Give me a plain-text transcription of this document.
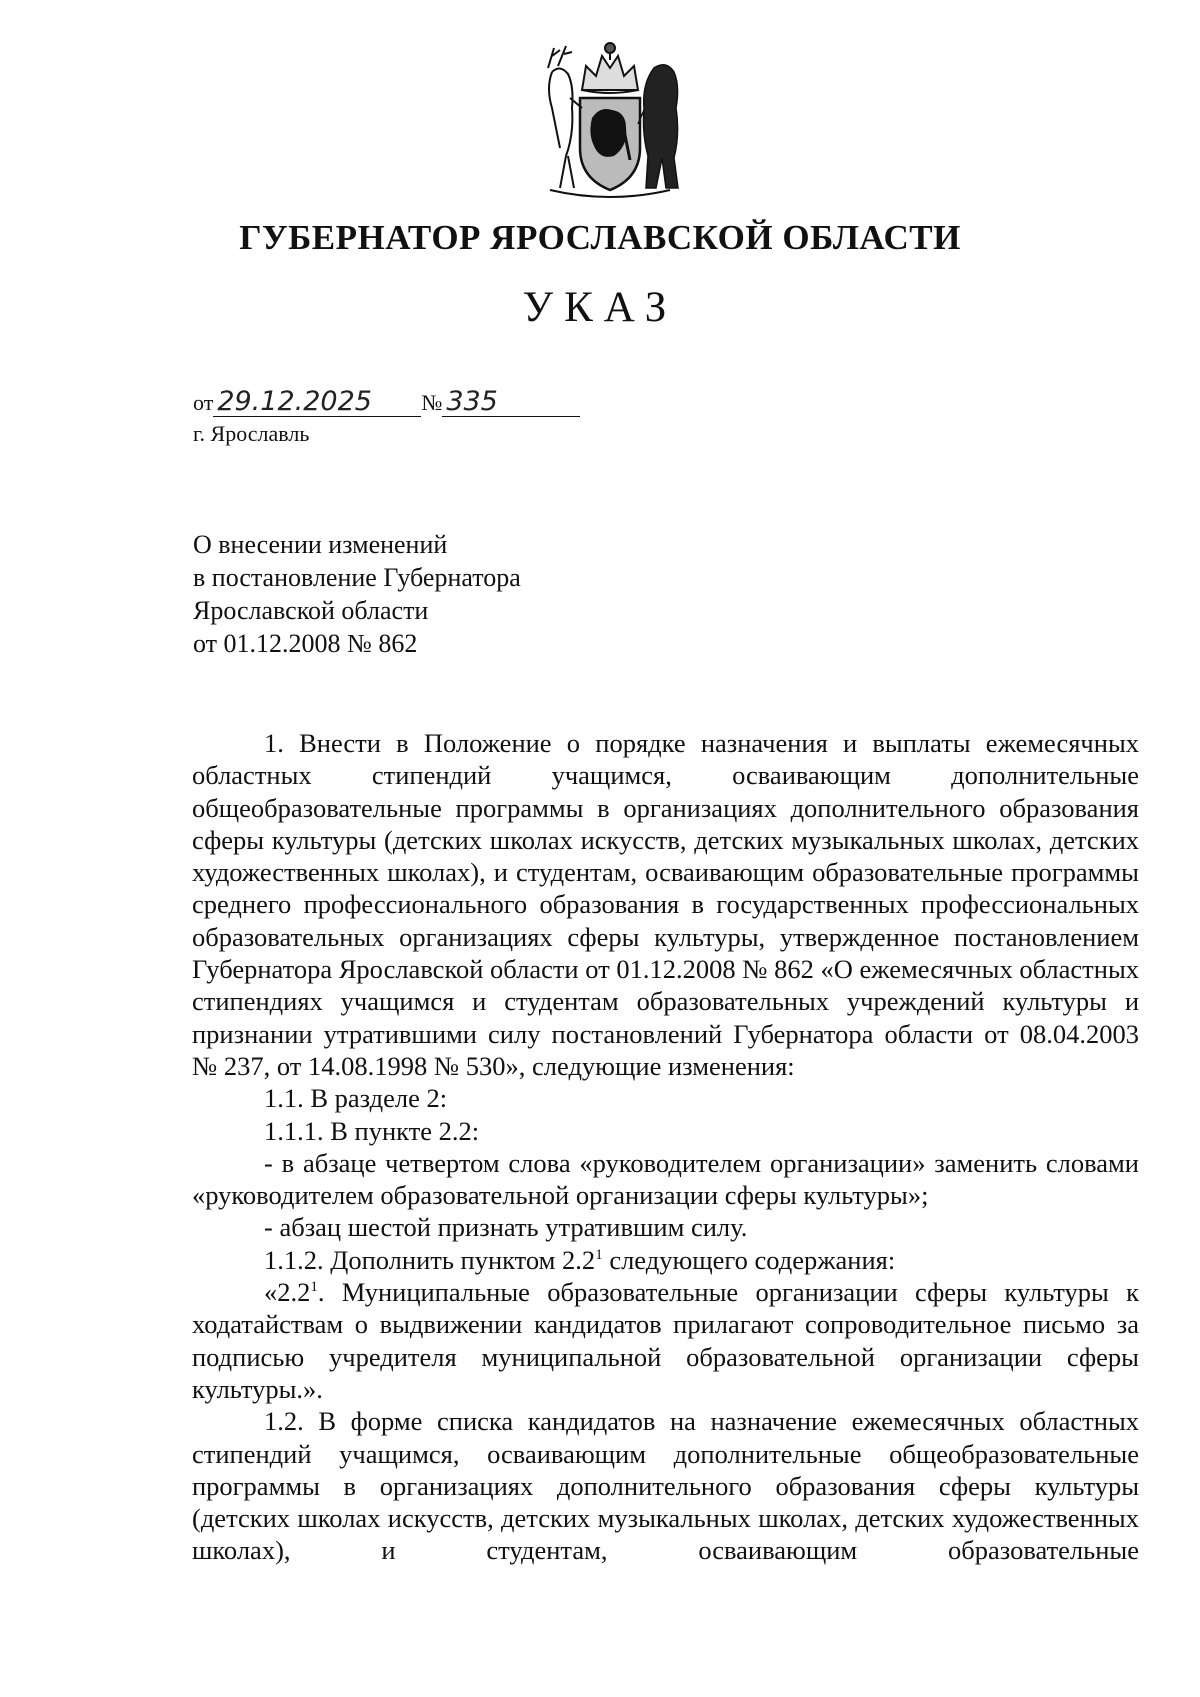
ГУБЕРНАТОР ЯРОСЛАВСКОЙ ОБЛАСТИ
УКАЗ
от 29.12.2025 № 335
г. Ярославль
О внесении изменений
в постановление Губернатора
Ярославской области
от 01.12.2008 № 862

1. Внести в Положение о порядке назначения и выплаты ежемесячных областных стипендий учащимся, осваивающим дополнительные общеобразовательные программы в организациях дополнительного образования сферы культуры (детских школах искусств, детских музыкальных школах, детских художественных школах), и студентам, осваивающим образовательные программы среднего профессионального образования в государственных профессиональных образовательных организациях сферы культуры, утвержденное постановлением Губернатора Ярославской области от 01.12.2008 № 862 «О ежемесячных областных стипендиях учащимся и студентам образовательных учреждений культуры и признании утратившими силу постановлений Губернатора области от 08.04.2003 № 237, от 14.08.1998 № 530», следующие изменения:

1.1. В разделе 2:

1.1.1. В пункте 2.2:

- в абзаце четвертом слова «руководителем организации» заменить словами «руководителем образовательной организации сферы культуры»;

- абзац шестой признать утратившим силу.

1.1.2. Дополнить пунктом $2.2^1$ следующего содержания:

«$2.2^1$. Муниципальные образовательные организации сферы культуры к ходатайствам о выдвижении кандидатов прилагают сопроводительное письмо за подписью учредителя муниципальной образовательной организации сферы культуры.».

1.2. В форме списка кандидатов на назначение ежемесячных областных стипендий учащимся, осваивающим дополнительные общеобразовательные программы в организациях дополнительного образования сферы культуры (детских школах искусств, детских музыкальных школах, детских художественных школах), и студентам, осваивающим образовательные
